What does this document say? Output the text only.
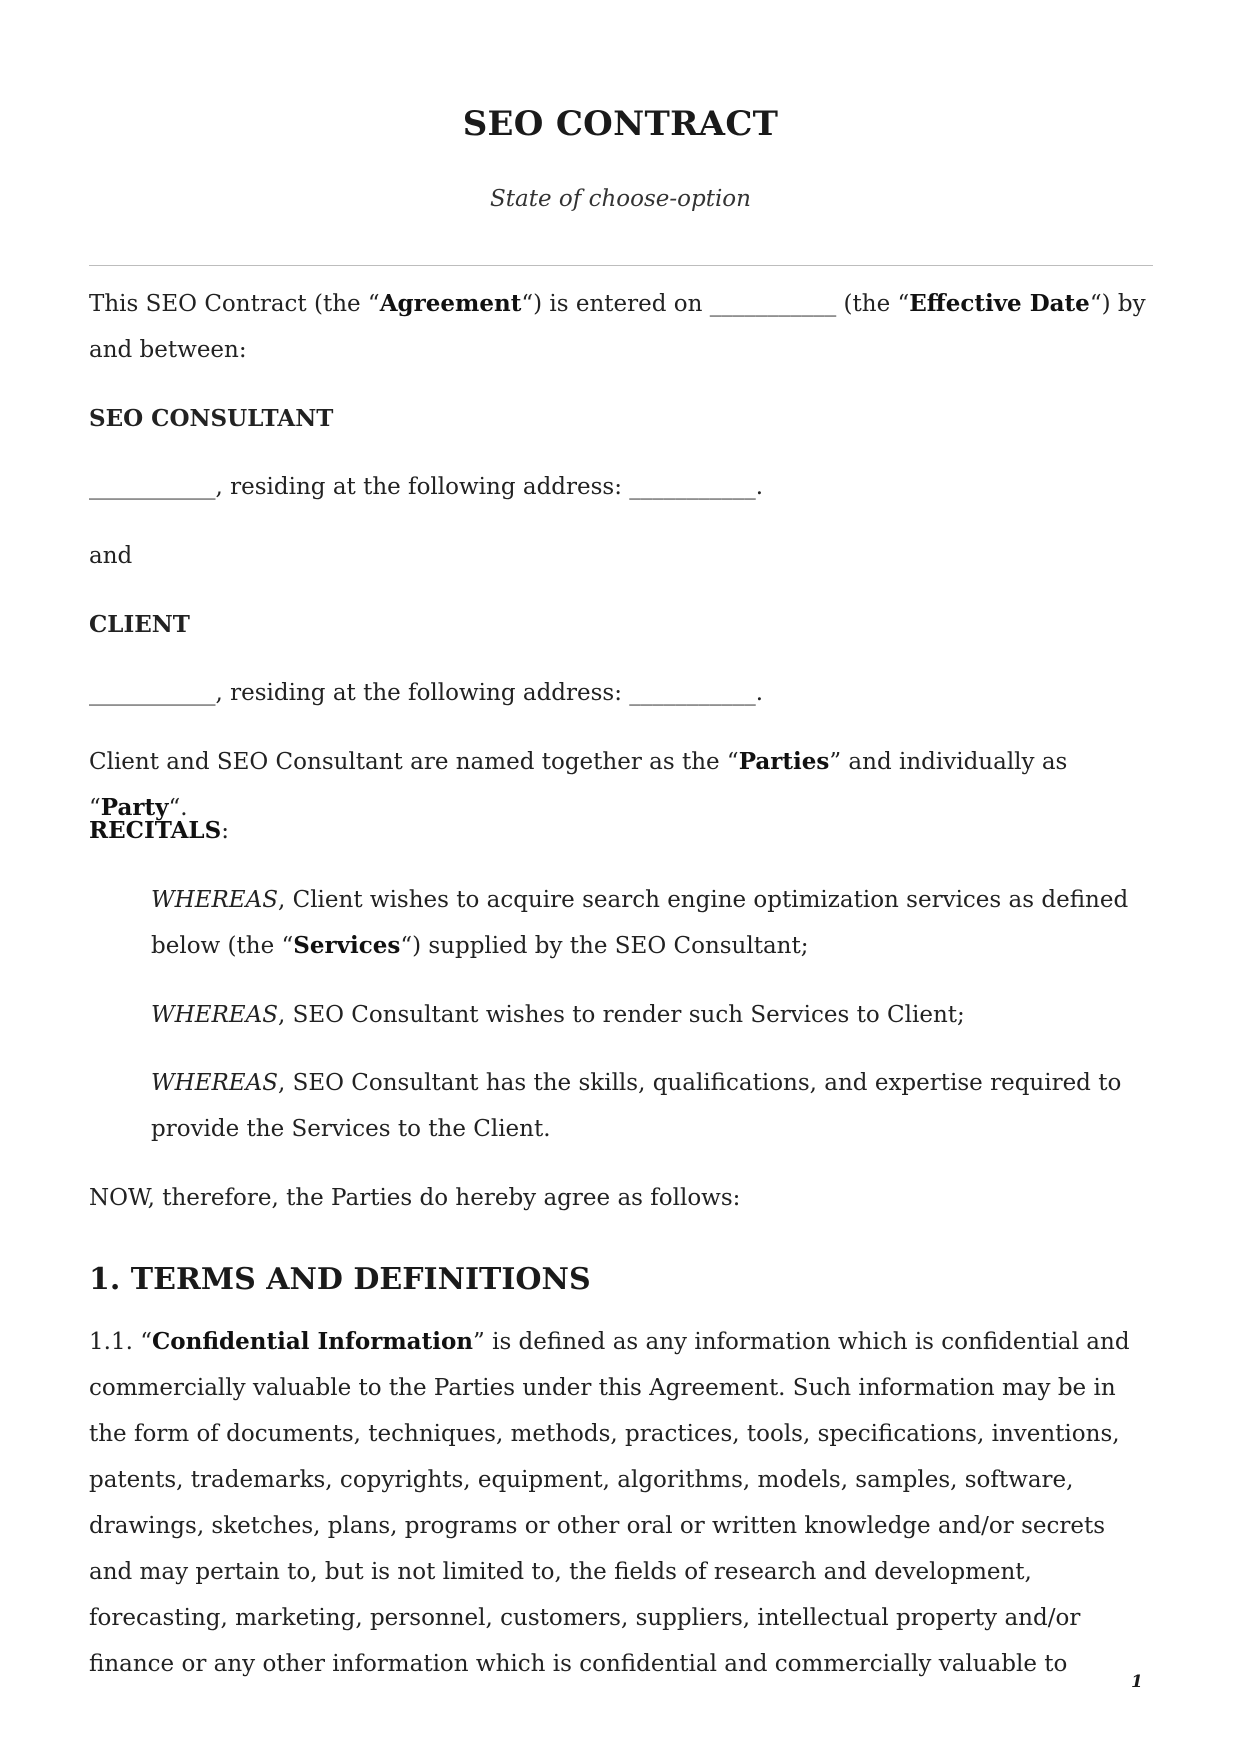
SEO CONTRACT
State of choose-option
This SEO Contract (the “Agreement“) is entered on ___________ (the “Effective Date“) by and between:
SEO CONSULTANT
___________, residing at the following address: ___________.
and
CLIENT
___________, residing at the following address: ___________.
Client and SEO Consultant are named together as the “Parties” and individually as “Party“.
RECITALS:
WHEREAS, Client wishes to acquire search engine optimization services as defined below (the “Services“) supplied by the SEO Consultant;
WHEREAS, SEO Consultant wishes to render such Services to Client;
WHEREAS, SEO Consultant has the skills, qualifications, and expertise required to provide the Services to the Client.
NOW, therefore, the Parties do hereby agree as follows:
1. TERMS AND DEFINITIONS
1.1. “Confidential Information” is defined as any information which is confidential and commercially valuable to the Parties under this Agreement. Such information may be in the form of documents, techniques, methods, practices, tools, specifications, inventions, patents, trademarks, copyrights, equipment, algorithms, models, samples, software, drawings, sketches, plans, programs or other oral or written knowledge and/or secrets and may pertain to, but is not limited to, the fields of research and development, forecasting, marketing, personnel, customers, suppliers, intellectual property and/or finance or any other information which is confidential and commercially valuable to
1
